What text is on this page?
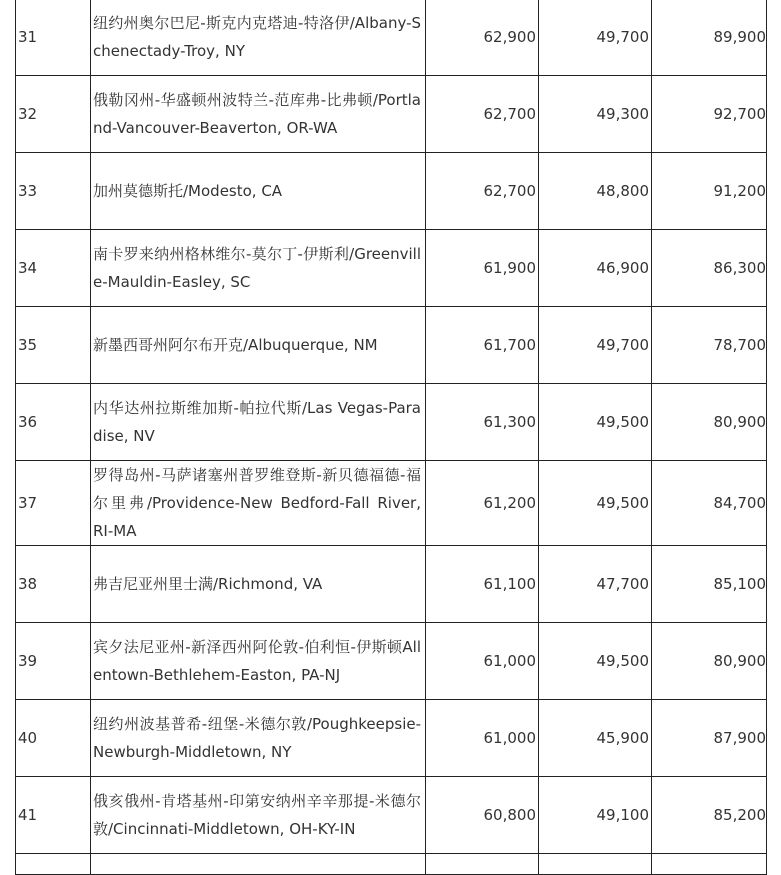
31	纽约州奥尔巴尼-斯克内克塔迪-特洛伊/Albany-Schenectady-Troy, NY	62,900	49,700	89,900
32	俄勒冈州-华盛顿州波特兰-范库弗-比弗顿/Portland-Vancouver-Beaverton, OR-WA	62,700	49,300	92,700
33	加州莫德斯托/Modesto, CA	62,700	48,800	91,200
34	南卡罗来纳州格林维尔-莫尔丁-伊斯利/Greenville-Mauldin-Easley, SC	61,900	46,900	86,300
35	新墨西哥州阿尔布开克/Albuquerque, NM	61,700	49,700	78,700
36	内华达州拉斯维加斯-帕拉代斯/Las Vegas-Paradise, NV	61,300	49,500	80,900
37	罗得岛州-马萨诸塞州普罗维登斯-新贝德福德-福尔里弗/Providence-New Bedford-Fall River, RI-MA	61,200	49,500	84,700
38	弗吉尼亚州里士满/Richmond, VA	61,100	47,700	85,100
39	宾夕法尼亚州-新泽西州阿伦敦-伯利恒-伊斯顿Allentown-Bethlehem-Easton, PA-NJ	61,000	49,500	80,900
40	纽约州波基普希-纽堡-米德尔敦/Poughkeepsie-Newburgh-Middletown, NY	61,000	45,900	87,900
41	俄亥俄州-肯塔基州-印第安纳州辛辛那提-米德尔敦/Cincinnati-Middletown, OH-KY-IN	60,800	49,100	85,200
